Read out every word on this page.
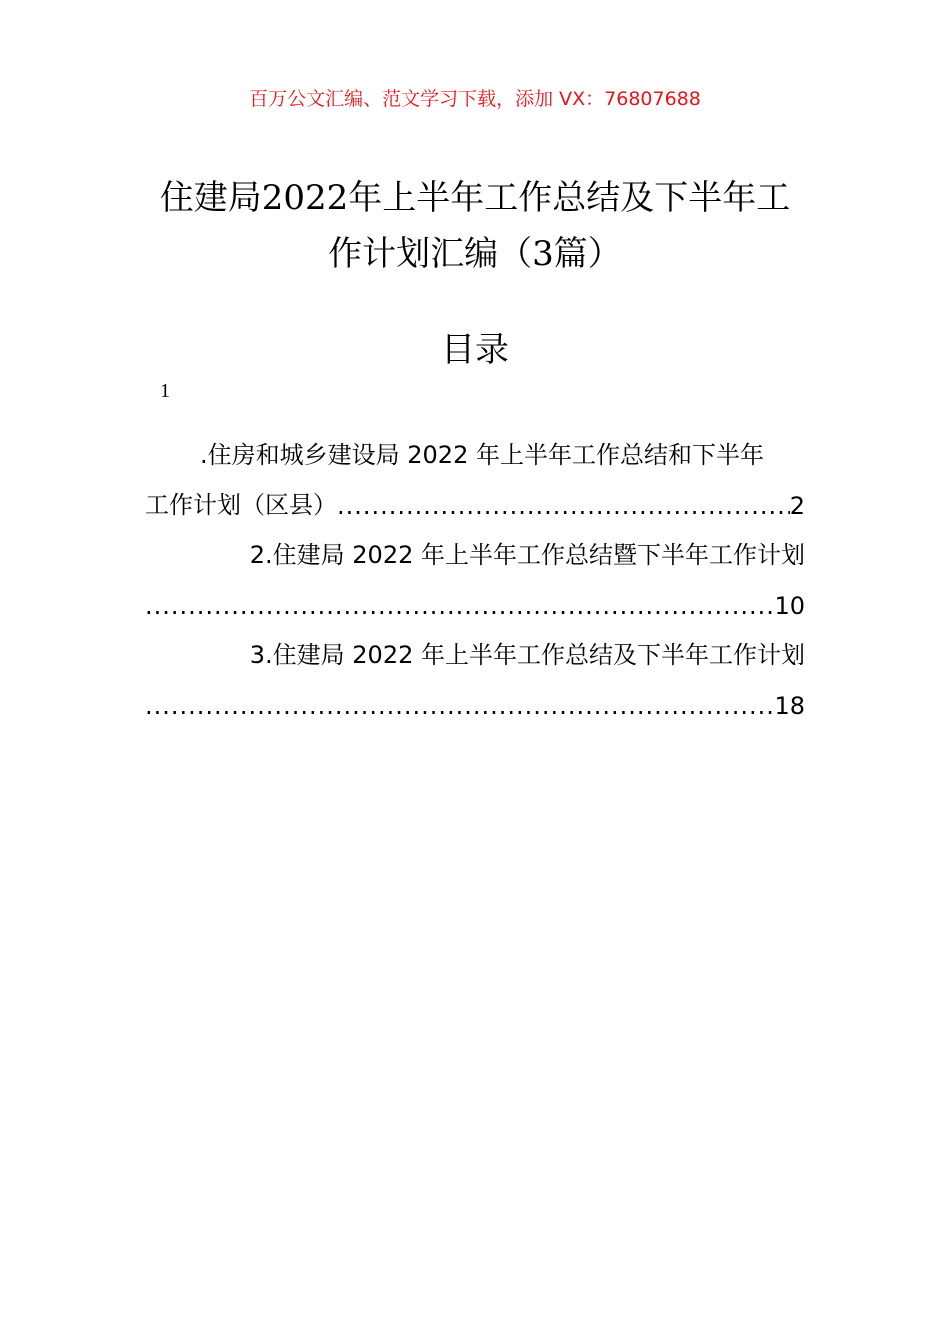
百万公文汇编、范文学习下载，添加 VX：76807688
住建局2022年上半年工作总结及下半年工
作计划汇编（3篇）
目录
1
.住房和城乡建设局 2022 年上半年工作总结和下半年
工作计划（区县）
.....	2
2.住建局 2022 年上半年工作总结暨下半年工作计划
.....
10
3.住建局 2022 年上半年工作总结及下半年工作计划
.....
18
